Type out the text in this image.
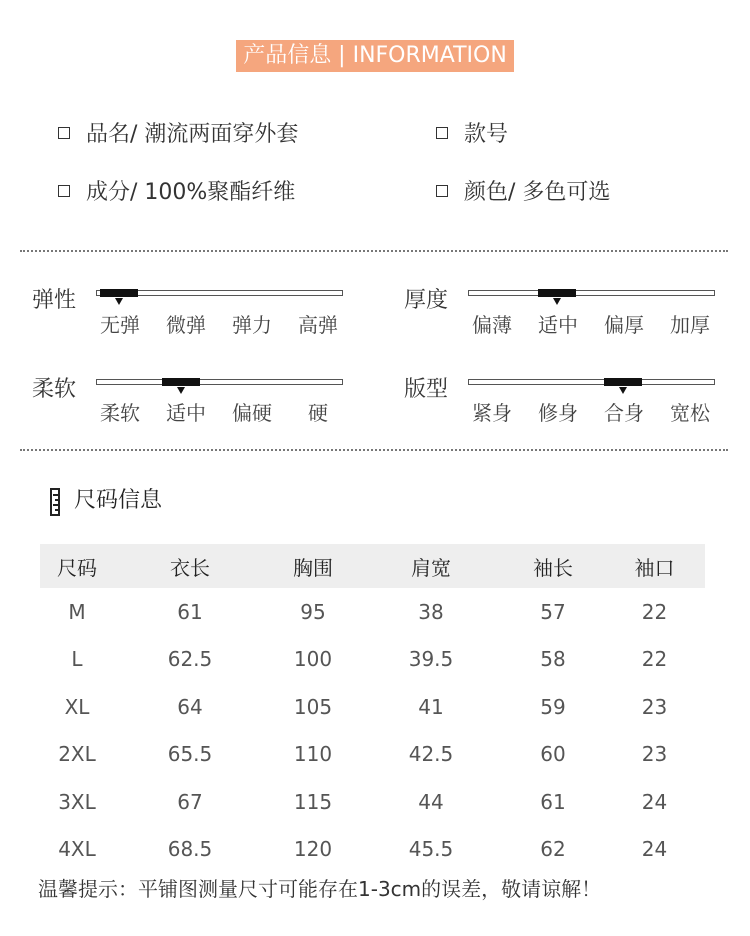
产品信息 | INFORMATION
品名/ 潮流两面穿外套	款号
成分/ 100%聚酯纤维	颜色/ 多色可选
弹性
无弹	微弹	弹力	高弹
厚度
偏薄	适中	偏厚	加厚
柔软
柔软	适中	偏硬	硬
版型
紧身	修身	合身	宽松
尺码信息
尺码	衣长	胸围	肩宽	袖长	袖口
M	61	95	38	57	22
L	62.5	100	39.5	58	22
XL	64	105	41	59	23
2XL	65.5	110	42.5	60	23
3XL	67	115	44	61	24
4XL	68.5	120	45.5	62	24
温馨提示：平铺图测量尺寸可能存在1-3cm的误差，敬请谅解！
